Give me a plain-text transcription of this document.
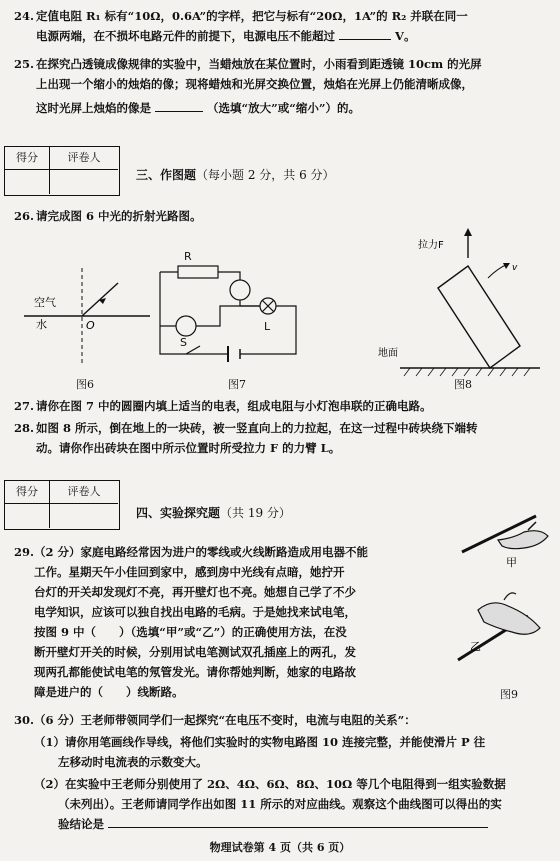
24. 定值电阻 R₁ 标有“10Ω，0.6A”的字样，把它与标有“20Ω，1A”的 R₂ 并联在同一
电源两端，在不损坏电路元件的前提下，电源电压不能超过	V。
25. 在探究凸透镜成像规律的实验中，当蜡烛放在某位置时，小雨看到距透镜 10cm 的光屏
上出现一个缩小的烛焰的像；现将蜡烛和光屏交换位置，烛焰在光屏上仍能清晰成像，
这时光屏上烛焰的像是	（选填“放大”或“缩小”）的。
得分	评卷人
三、作图题（每小题 2 分，共 6 分）
26. 请完成图 6 中光的折射光路图。
空气
水	O
R
S
L
拉力F
v
地面
图6	图7	图8
27. 请你在图 7 中的圆圈内填上适当的电表，组成电阻与小灯泡串联的正确电路。
28. 如图 8 所示，倒在地上的一块砖，被一竖直向上的力拉起，在这一过程中砖块绕下端转
动。请你作出砖块在图中所示位置时所受拉力 F 的力臂 L。
得分	评卷人
四、实验探究题（共 19 分）
29. （2 分）家庭电路经常因为进户的零线或火线断路造成用电器不能
工作。星期天午小佳回到家中，感到房中光线有点暗，她拧开
台灯的开关却发现灯不亮，再开壁灯也不亮。她想自己学了不少
电学知识，应该可以独自找出电路的毛病。于是她找来试电笔，
按图 9 中（　　）（选填“甲”或“乙”）的正确使用方法，在没
断开壁灯开关的时候，分别用试电笔测试双孔插座上的两孔，发
现两孔都能使试电笔的氖管发光。请你帮她判断，她家的电路故
障是进户的（　　）线断路。
甲
乙
图9
30. （6 分）王老师带领同学们一起探究“在电压不变时，电流与电阻的关系”：
（1）请你用笔画线作导线，将他们实验时的实物电路图 10 连接完整，并能使滑片 P 往
左移动时电流表的示数变大。
（2）在实验中王老师分别使用了 2Ω、4Ω、6Ω、8Ω、10Ω 等几个电阻得到一组实验数据
（未列出）。王老师请同学作出如图 11 所示的对应曲线。观察这个曲线图可以得出的实
验结论是
物理试卷第 4 页（共 6 页）
